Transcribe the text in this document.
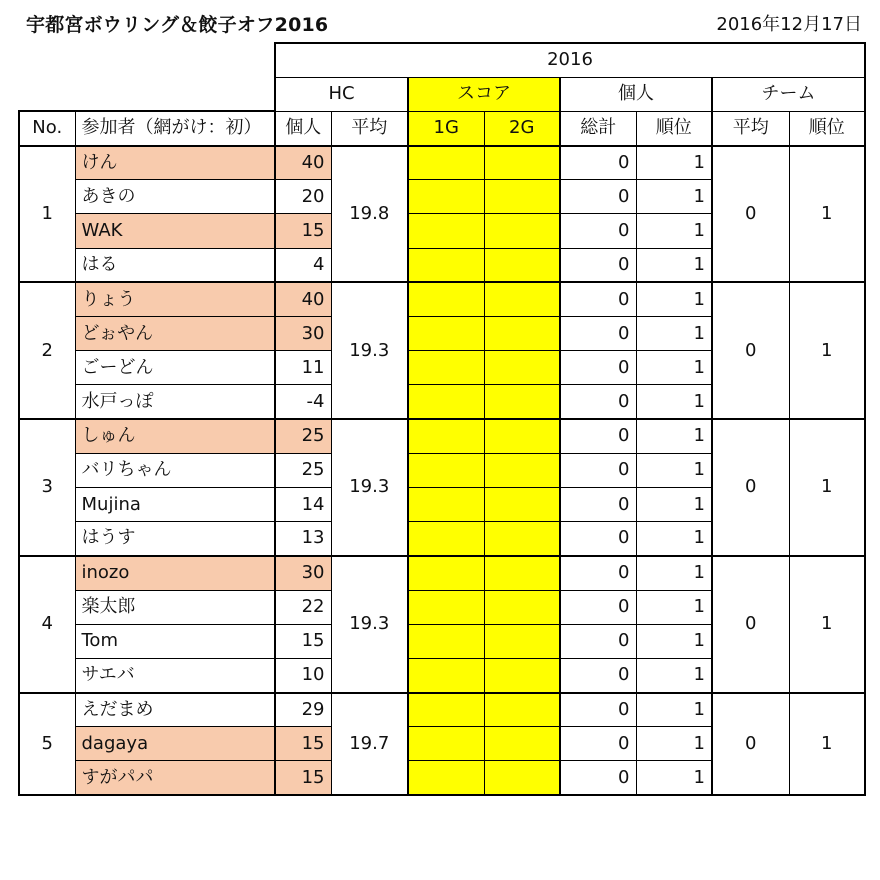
宇都宮ボウリング＆餃子オフ2016	2016年12月17日
		2016							
		HC		スコア		個人		チーム	
No.	参加者（網がけ：初）	個人	平均	1G	2G	総計	順位	平均	順位
1	けん	40	19.8			0	1	0	1
	あきの	20				0	1		
	WAK	15				0	1		
	はる	4				0	1		
2	りょう	40	19.3			0	1	0	1
	どぉやん	30				0	1		
	ごーどん	11				0	1		
	水戸っぽ	-4				0	1		
3	しゅん	25	19.3			0	1	0	1
	バリちゃん	25				0	1		
	Mujina	14				0	1		
	はうす	13				0	1		
4	inozo	30	19.3			0	1	0	1
	楽太郎	22				0	1		
	Tom	15				0	1		
	サエバ	10				0	1		
5	えだまめ	29	19.7			0	1	0	1
	dagaya	15				0	1		
	すがパパ	15				0	1		
